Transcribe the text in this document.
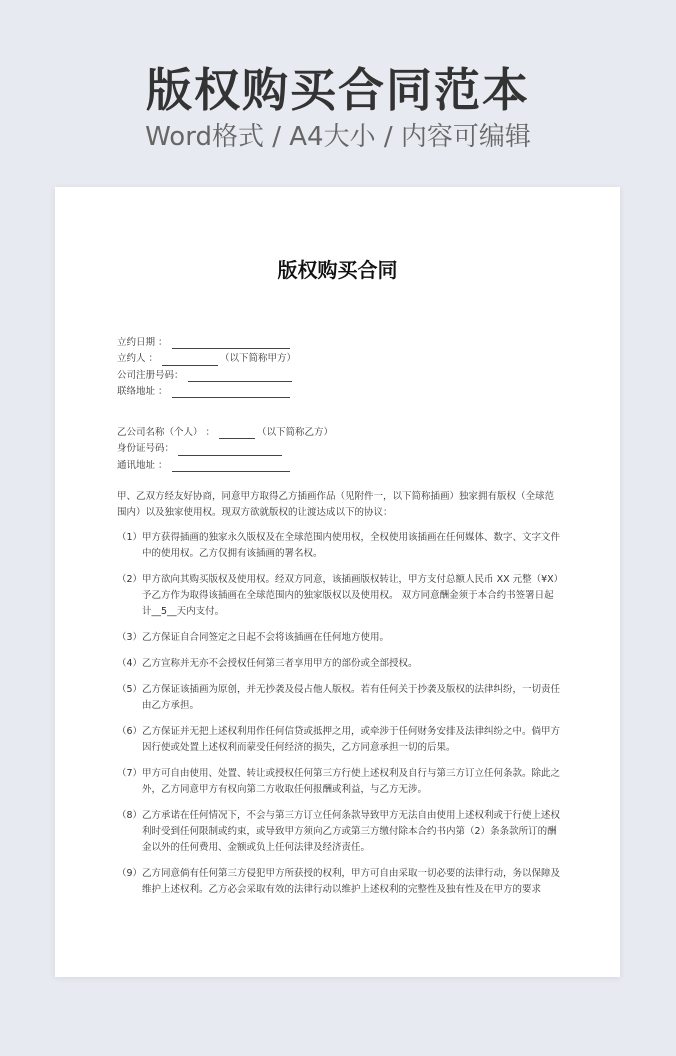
版权购买合同范本
Word格式 / A4大小 / 内容可编辑
版权购买合同
立约日期 ：
立约人 ：	（以下简称甲方）
公司注册号码：
联络地址 ：
乙公司名称（个人） ：	（以下简称乙方）
身份证号码：
通讯地址 ：
甲、乙双方经友好协商，同意甲方取得乙方插画作品（见附件一，以下简称插画）独家拥有版权（全球范围内）以及独家使用权。现双方欲就版权的让渡达成以下的协议：
（1） 甲方获得插画的独家永久版权及在全球范围内使用权，全权使用该插画在任何媒体、数字、文字文件中的使用权。乙方仅拥有该插画的署名权。
（2） 甲方欲向其购买版权及使用权。经双方同意，该插画版权转让，甲方支付总额人民币 XX 元整（¥X）予乙方作为取得该插画在全球范围内的独家版权以及使用权。 双方同意酬金须于本合约书签署日起计__5__天内支付。
（3） 乙方保证自合同签定之日起不会将该插画在任何地方使用。
（4） 乙方宣称并无亦不会授权任何第三者享用甲方的部份或全部授权。
（5） 乙方保证该插画为原创，并无抄袭及侵占他人版权。若有任何关于抄袭及版权的法律纠纷，一切责任由乙方承担。
（6） 乙方保证并无把上述权利用作任何信贷或抵押之用，或牵涉于任何财务安排及法律纠纷之中。倘甲方因行使或处置上述权利而蒙受任何经济的损失，乙方同意承担一切的后果。
（7） 甲方可自由使用、处置、转让或授权任何第三方行使上述权利及自行与第三方订立任何条款。除此之外，乙方同意甲方有权向第二方收取任何报酬或利益，与乙方无涉。
（8） 乙方承诺在任何情况下，不会与第三方订立任何条款导致甲方无法自由使用上述权利或于行使上述权利时受到任何限制或约束，或导致甲方须向乙方或第三方缴付除本合约书内第（2）条条款所订的酬金以外的任何费用、金额或负上任何法律及经济责任。
（9） 乙方同意倘有任何第三方侵犯甲方所获授的权利，甲方可自由采取一切必要的法律行动，务以保障及维护上述权利。乙方必会采取有效的法律行动以维护上述权利的完整性及独有性及在甲方的要求
